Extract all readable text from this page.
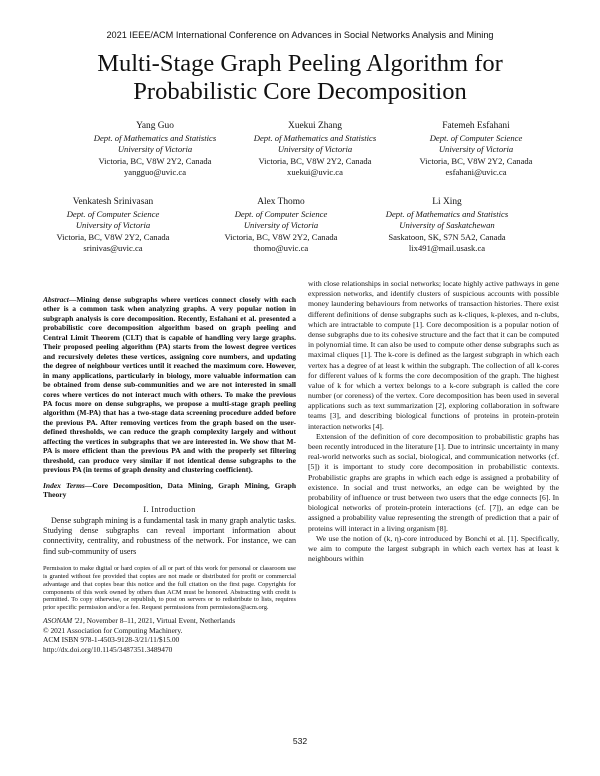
2021 IEEE/ACM International Conference on Advances in Social Networks Analysis and Mining
Multi-Stage Graph Peeling Algorithm for
Probabilistic Core Decomposition
Yang Guo
Dept. of Mathematics and Statistics
University of Victoria
Victoria, BC, V8W 2Y2, Canada
yangguo@uvic.ca
Xuekui Zhang
Dept. of Mathematics and Statistics
University of Victoria
Victoria, BC, V8W 2Y2, Canada
xuekui@uvic.ca
Fatemeh Esfahani
Dept. of Computer Science
University of Victoria
Victoria, BC, V8W 2Y2, Canada
esfahani@uvic.ca
Venkatesh Srinivasan
Dept. of Computer Science
University of Victoria
Victoria, BC, V8W 2Y2, Canada
srinivas@uvic.ca
Alex Thomo
Dept. of Computer Science
University of Victoria
Victoria, BC, V8W 2Y2, Canada
thomo@uvic.ca
Li Xing
Dept. of Mathematics and Statistics
University of Saskatchewan
Saskatoon, SK, S7N 5A2, Canada
lix491@mail.usask.ca
Abstract—Mining dense subgraphs where vertices connect closely with each other is a common task when analyzing graphs. A very popular notion in subgraph analysis is core decomposition. Recently, Esfahani et al. presented a probabilistic core decomposition algorithm based on graph peeling and Central Limit Theorem (CLT) that is capable of handling very large graphs. Their proposed peeling algorithm (PA) starts from the lowest degree vertices and recursively deletes these vertices, assigning core numbers, and updating the degree of neighbour vertices until it reached the maximum core. However, in many applications, particularly in biology, more valuable information can be obtained from dense sub-communities and we are not interested in small cores where vertices do not interact much with others. To make the previous PA focus more on dense subgraphs, we propose a multi-stage graph peeling algorithm (M-PA) that has a two-stage data screening procedure added before the previous PA. After removing vertices from the graph based on the user-defined thresholds, we can reduce the graph complexity largely and without affecting the vertices in subgraphs that we are interested in. We show that M-PA is more efficient than the previous PA and with the properly set filtering threshold, can produce very similar if not identical dense subgraphs to the previous PA (in terms of graph density and clustering coefficient).
Index Terms—Core Decomposition, Data Mining, Graph Mining, Graph Theory
I. Introduction

Dense subgraph mining is a fundamental task in many graph analytic tasks. Studying dense subgraphs can reveal important information about connectivity, centrality, and robustness of the network. For instance, we can find sub-community of users

Permission to make digital or hard copies of all or part of this work for personal or classroom use is granted without fee provided that copies are not made or distributed for profit or commercial advantage and that copies bear this notice and the full citation on the first page. Copyrights for components of this work owned by others than ACM must be honored. Abstracting with credit is permitted. To copy otherwise, or republish, to post on servers or to redistribute to lists, requires prior specific permission and/or a fee. Request permissions from permissions@acm.org.
ASONAM '21, November 8–11, 2021, Virtual Event, Netherlands
© 2021 Association for Computing Machinery.
ACM ISBN 978-1-4503-9128-3/21/11/$15.00
http://dx.doi.org/10.1145/3487351.3489470

with close relationships in social networks; locate highly active pathways in gene expression networks, and identify clusters of suspicious accounts with possible money laundering behaviours from networks of transaction histories. There exist different definitions of dense subgraphs such as k-cliques, k-plexes, and n-clubs, which are intractable to compute [1]. Core decomposition is a popular notion of dense subgraphs due to its cohesive structure and the fact that it can be computed in polynomial time. It can also be used to compute other dense subgraphs such as maximal cliques [1]. The k-core is defined as the largest subgraph in which each vertex has a degree of at least k within the subgraph. The collection of all k-cores for different values of k forms the core decomposition of the graph. The highest value of k for which a vertex belongs to a k-core subgraph is called the core number (or coreness) of the vertex. Core decomposition has been used in several applications such as text summarization [2], exploring collaboration in software teams [3], and describing biological functions of proteins in protein-protein interaction networks [4].

Extension of the definition of core decomposition to probabilistic graphs has been recently introduced in the literature [1]. Due to intrinsic uncertainty in many real-world networks such as social, biological, and communication networks (cf. [5]) it is important to study core decomposition in probabilistic contexts. Probabilistic graphs are graphs in which each edge is assigned a probability of existence. In social and trust networks, an edge can be weighted by the probability of influence or trust between two users that the edge connects [6]. In biological networks of protein-protein interactions (cf. [7]), an edge can be assigned a probability value representing the strength of prediction that a pair of proteins will interact in a living organism [8].

We use the notion of (k, η)-core introduced by Bonchi et al. [1]. Specifically, we aim to compute the largest subgraph in which each vertex has at least k neighbours within

532
